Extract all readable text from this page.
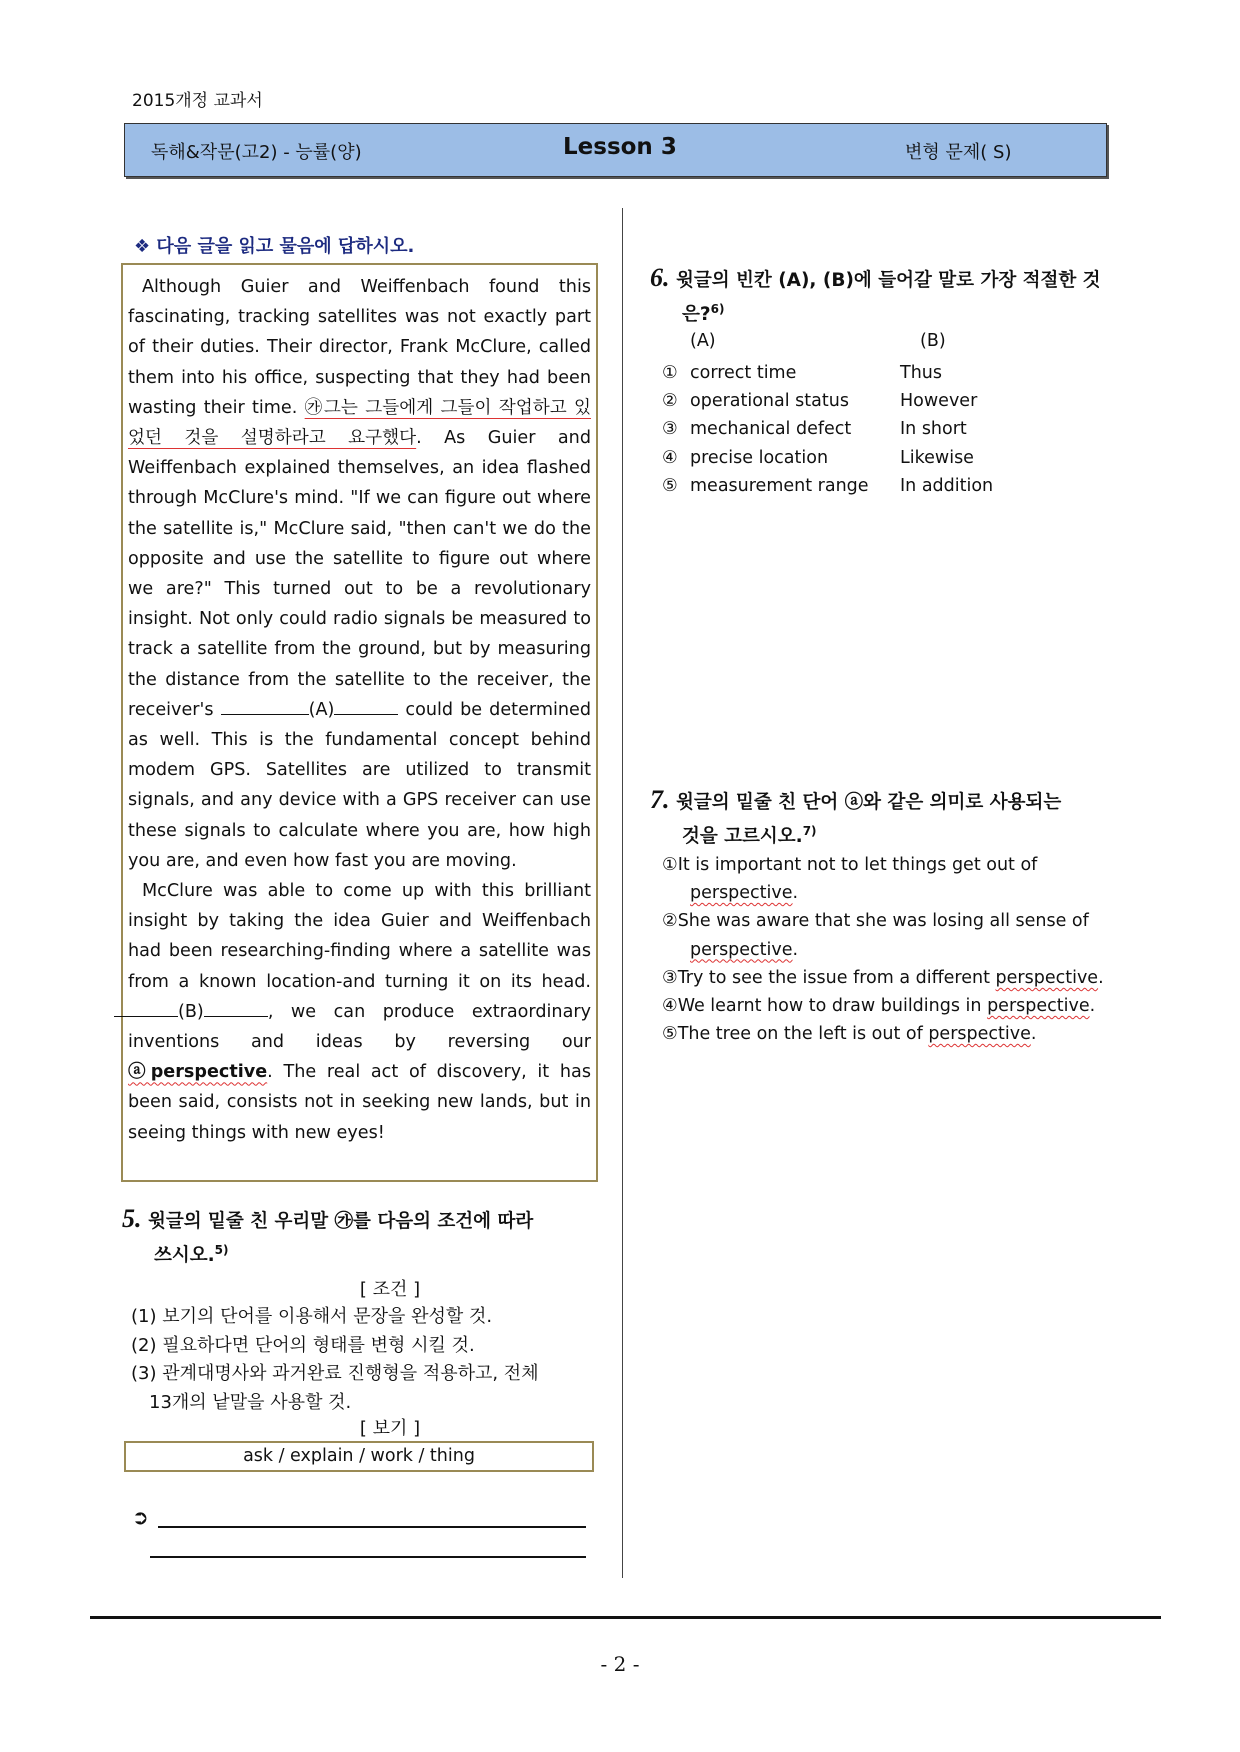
2015개정 교과서
독해&작문(고2) - 능률(양)	Lesson 3	변형 문제( S)
❖ 다음 글을 읽고 물음에 답하시오.

Although Guier and Weiffenbach found this fascinating, tracking satellites was not exactly part of their duties. Their director, Frank McClure, called them into his office, suspecting that they had been wasting their time. ㉮그는 그들에게 그들이 작업하고 있었던 것을 설명하라고 요구했다. As Guier and Weiffenbach explained themselves, an idea flashed through McClure's mind. "If we can figure out where the satellite is," McClure said, "then can't we do the opposite and use the satellite to figure out where we are?" This turned out to be a revolutionary insight. Not only could radio signals be measured to track a satellite from the ground, but by measuring the distance from the satellite to the receiver, the receiver's	(A)	could be determined as well. This is the fundamental concept behind modem GPS. Satellites are utilized to transmit signals, and any device with a GPS receiver can use these signals to calculate where you are, how high you are, and even how fast you are moving.

McClure was able to come up with this brilliant insight by taking the idea Guier and Weiffenbach had been researching-finding where a satellite was from a known location-and turning it on its head. (B)	, we can produce extraordinary inventions and ideas by reversing our ⓐperspective. The real act of discovery, it has been said, consists not in seeking new lands, but in seeing things with new eyes!

5. 윗글의 밑줄 친 우리말 ㉮를 다음의 조건에 따라
쓰시오.$^{5)}$
[ 조건 ]
(1) 보기의 단어를 이용해서 문장을 완성할 것.
(2) 필요하다면 단어의 형태를 변형 시킬 것.
(3) 관계대명사와 과거완료 진행형을 적용하고, 전체
13개의 낱말을 사용할 것.
[ 보기 ]
ask / explain / work / thing
➲
6. 윗글의 빈칸 (A), (B)에 들어갈 말로 가장 적절한 것
은?$^{6)}$
(A)	(B)
① correct time	Thus
② operational status	However
③ mechanical defect	In short
④ precise location	Likewise
⑤ measurement range In addition
7. 윗글의 밑줄 친 단어 ⓐ와 같은 의미로 사용되는
것을 고르시오.$^{7)}$
①It is important not to let things get out of
perspective.
②She was aware that she was losing all sense of
perspective.
③Try to see the issue from a different perspective.
④We learnt how to draw buildings in perspective.
⑤The tree on the left is out of perspective.
- 2 -
